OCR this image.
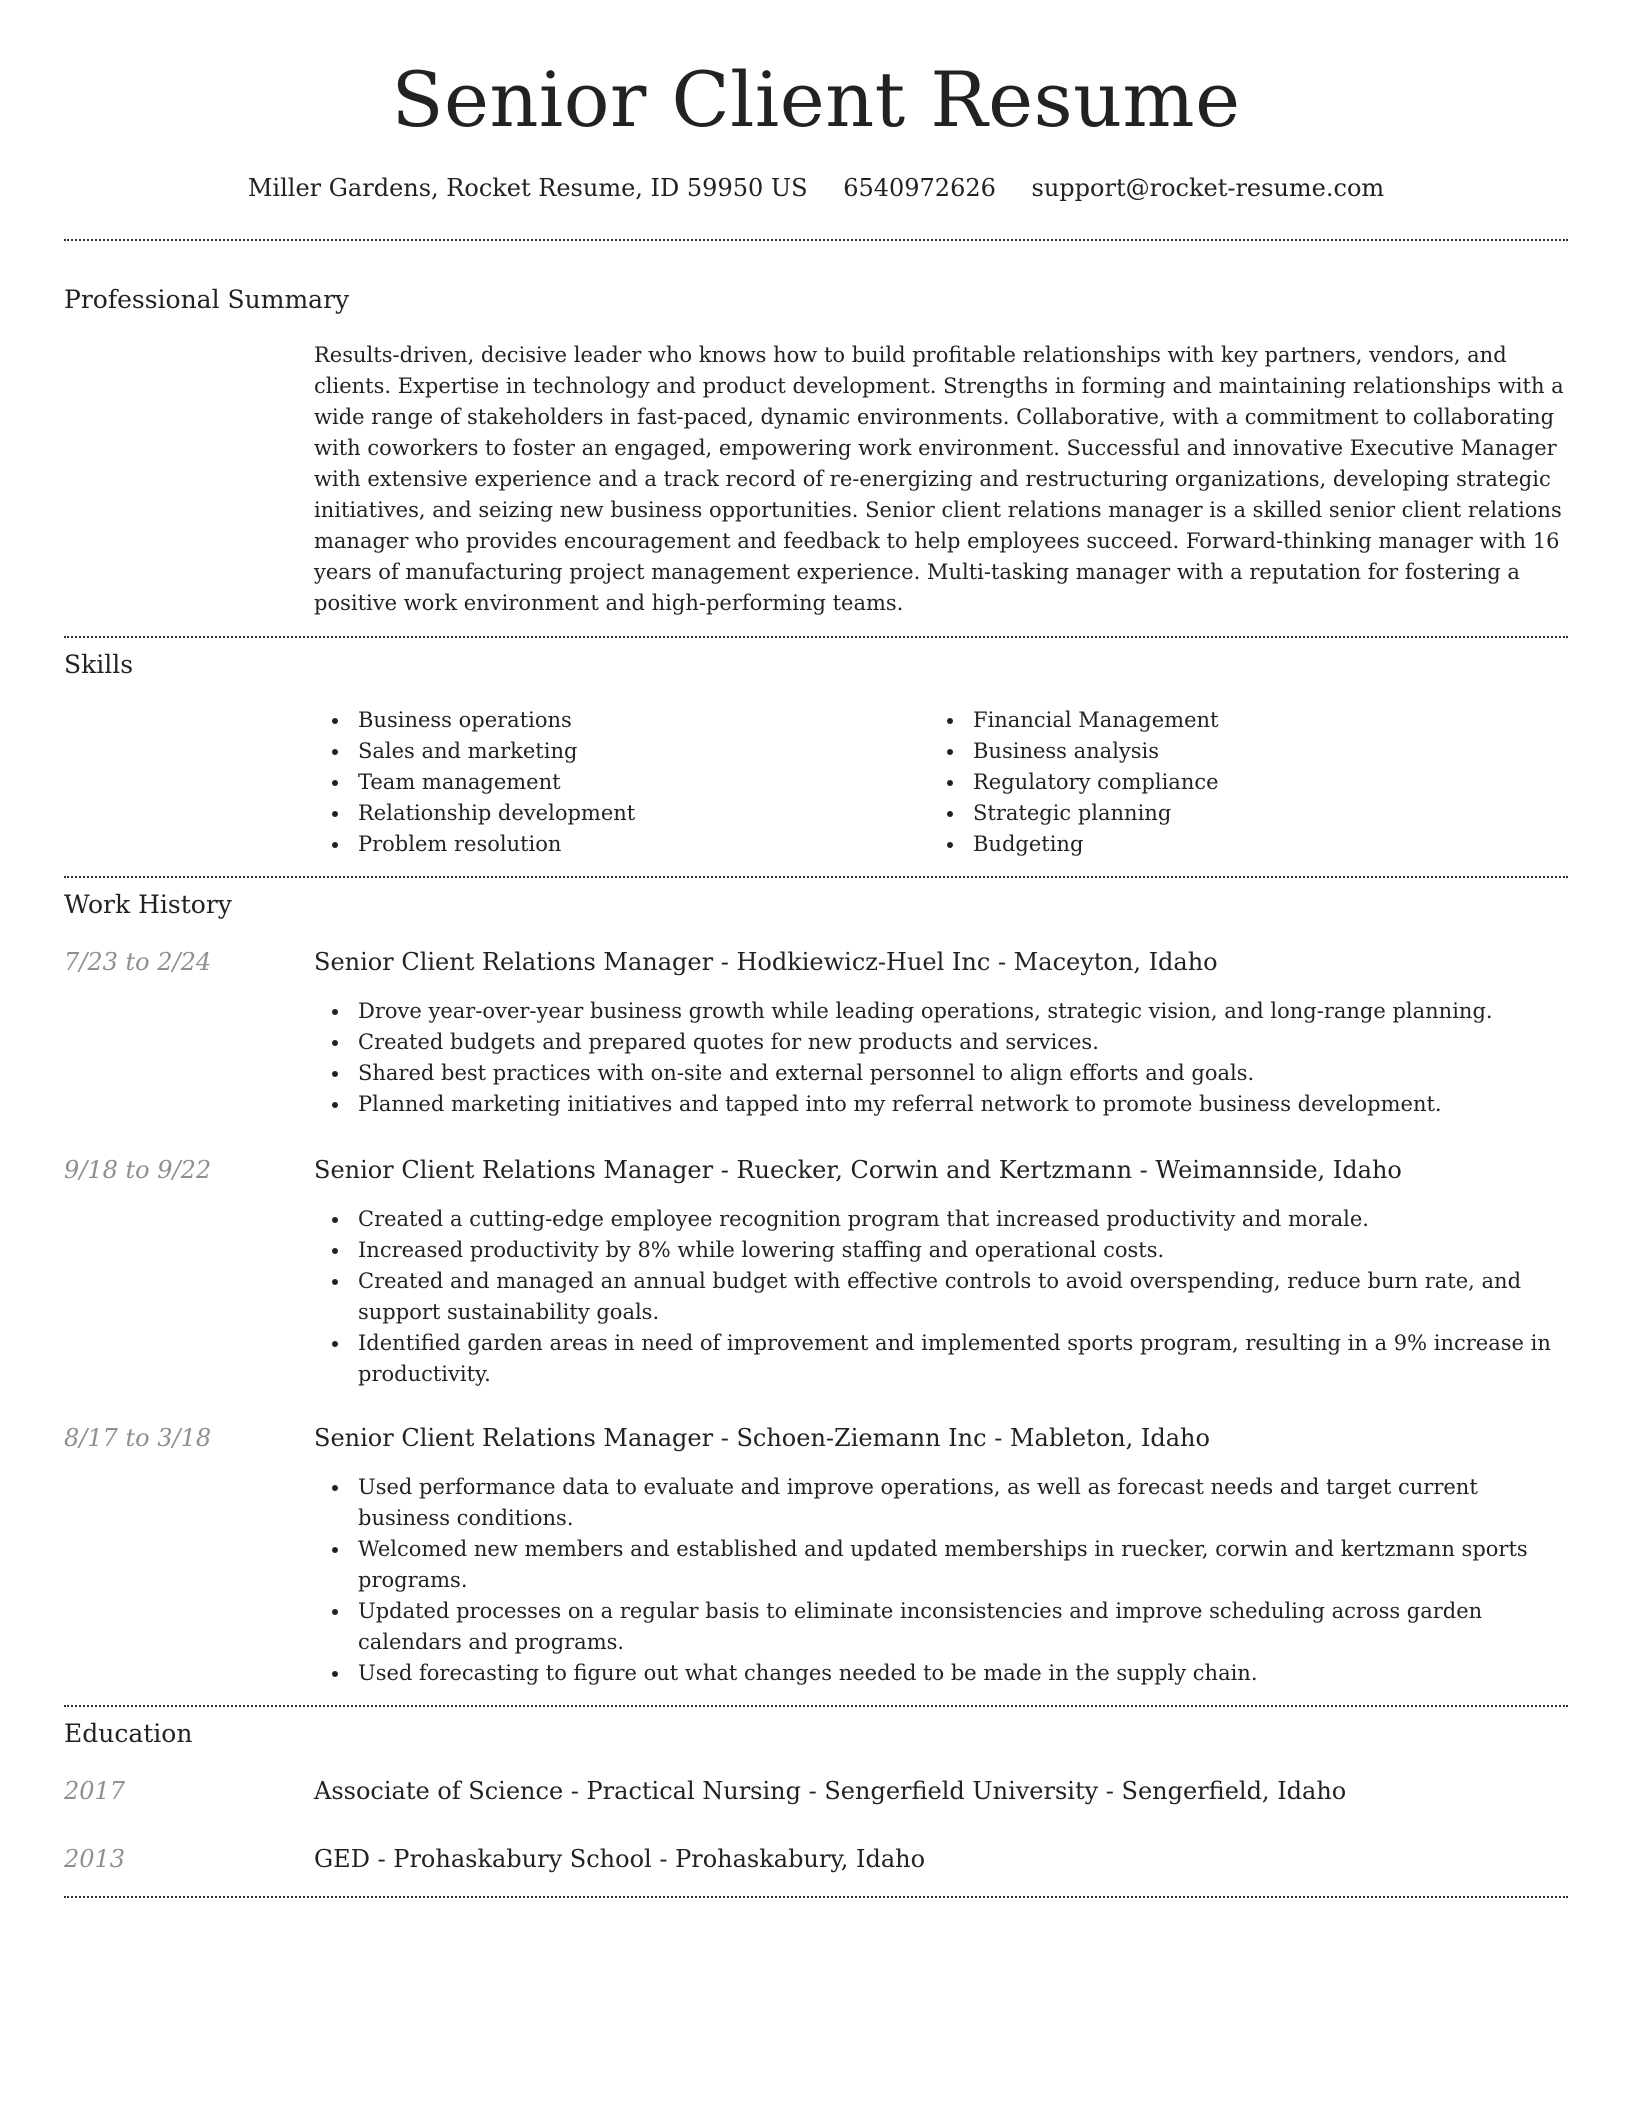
Senior Client Resume
Miller Gardens, Rocket Resume, ID 59950 US 6540972626 support@rocket-resume.com
Professional Summary

Results-driven, decisive leader who knows how to build profitable relationships with key partners, vendors, and clients. Expertise in technology and product development. Strengths in forming and maintaining relationships with a wide range of stakeholders in fast-paced, dynamic environments. Collaborative, with a commitment to collaborating with coworkers to foster an engaged, empowering work environment. Successful and innovative Executive Manager with extensive experience and a track record of re-energizing and restructuring organizations, developing strategic initiatives, and seizing new business opportunities. Senior client relations manager is a skilled senior client relations manager who provides encouragement and feedback to help employees succeed. Forward-thinking manager with 16 years of manufacturing project management experience. Multi-tasking manager with a reputation for fostering a positive work environment and high-performing teams.

Skills
Business operations
Sales and marketing
Team management
Relationship development
Problem resolution
Financial Management
Business analysis
Regulatory compliance
Strategic planning
Budgeting
Work History
7/23 to 2/24	Senior Client Relations Manager - Hodkiewicz-Huel Inc - Maceyton, Idaho
Drove year-over-year business growth while leading operations, strategic vision, and long-range planning.
Created budgets and prepared quotes for new products and services.
Shared best practices with on-site and external personnel to align efforts and goals.
Planned marketing initiatives and tapped into my referral network to promote business development.
9/18 to 9/22	Senior Client Relations Manager - Ruecker, Corwin and Kertzmann - Weimannside, Idaho
Created a cutting-edge employee recognition program that increased productivity and morale.
Increased productivity by 8% while lowering staffing and operational costs.
Created and managed an annual budget with effective controls to avoid overspending, reduce burn rate, and support sustainability goals.
Identified garden areas in need of improvement and implemented sports program, resulting in a 9% increase in productivity.
8/17 to 3/18	Senior Client Relations Manager - Schoen-Ziemann Inc - Mableton, Idaho
Used performance data to evaluate and improve operations, as well as forecast needs and target current business conditions.
Welcomed new members and established and updated memberships in ruecker, corwin and kertzmann sports programs.
Updated processes on a regular basis to eliminate inconsistencies and improve scheduling across garden calendars and programs.
Used forecasting to figure out what changes needed to be made in the supply chain.
Education
2017	Associate of Science - Practical Nursing - Sengerfield University - Sengerfield, Idaho
2013	GED - Prohaskabury School - Prohaskabury, Idaho
